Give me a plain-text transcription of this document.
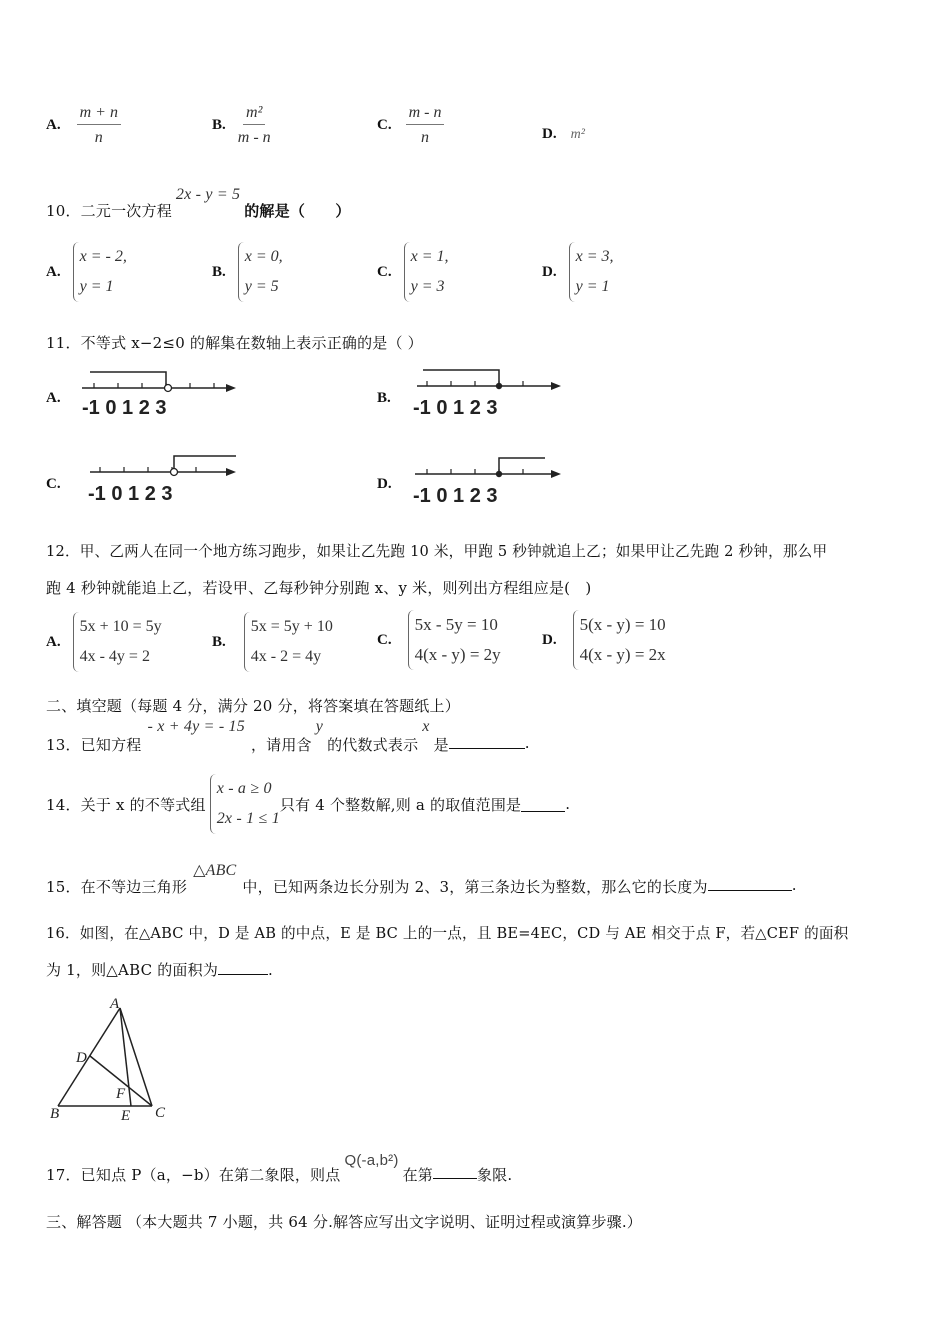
A. $\frac{m + n}{n}$	B. $\frac{\text{m²}}{m - n}$	C. $\frac{m - n}{n}$	D. m²
10．二元一次方程
2x - y = 5
的解是（　　）
A.
x = - 2,
y = 1
B.
x = 0,
y = 5
C.
x = 1,
y = 3
D.
x = 3,
y = 1
11．不等式 x−2≤0 的解集在数轴上表示正确的是（ ）
A. -1 0 1 2 3	B. -1 0 1 2 3
C. -1 0 1 2 3	D.
-1 0 1 2 3
12．甲、乙两人在同一个地方练习跑步，如果让乙先跑 10 米，甲跑 5 秒钟就追上乙；如果甲让乙先跑 2 秒钟，那么甲
跑 4 秒钟就能追上乙，若设甲、乙每秒钟分别跑 x、y 米，则列出方程组应是(　)
A.
5x + 10 = 5y
4x - 4y = 2
B.
5x = 5y + 10
4x - 2 = 4y
C.
5x - 5y = 10
4(x - y) = 2y
D.
5(x - y) = 10
4(x - y) = 2x
二、填空题（每题 4 分，满分 20 分，将答案填在答题纸上）
13．已知方程
- x + 4y = - 15
，请用含
y
的代数式表示
x
是	.
14．关于 x 的不等式组
x - a ≥ 0
2x - 1 ≤ 1
只有 4 个整数解,则 a 的取值范围是	.
15．在不等边三角形
△ABC
中，已知两条边长分别为 2、3，第三条边长为整数，那么它的长度为	.
16．如图，在△ABC 中，D 是 AB 的中点，E 是 BC 上的一点，且 BE=4EC，CD 与 AE 相交于点 F，若△CEF 的面积
为 1，则△ABC 的面积为	.
A
B	C
D
E
F
17．已知点 P（a，−b）在第二象限，则点
Q(-a,b²)
在第	象限.
三、解答题 （本大题共 7 小题，共 64 分.解答应写出文字说明、证明过程或演算步骤.）
